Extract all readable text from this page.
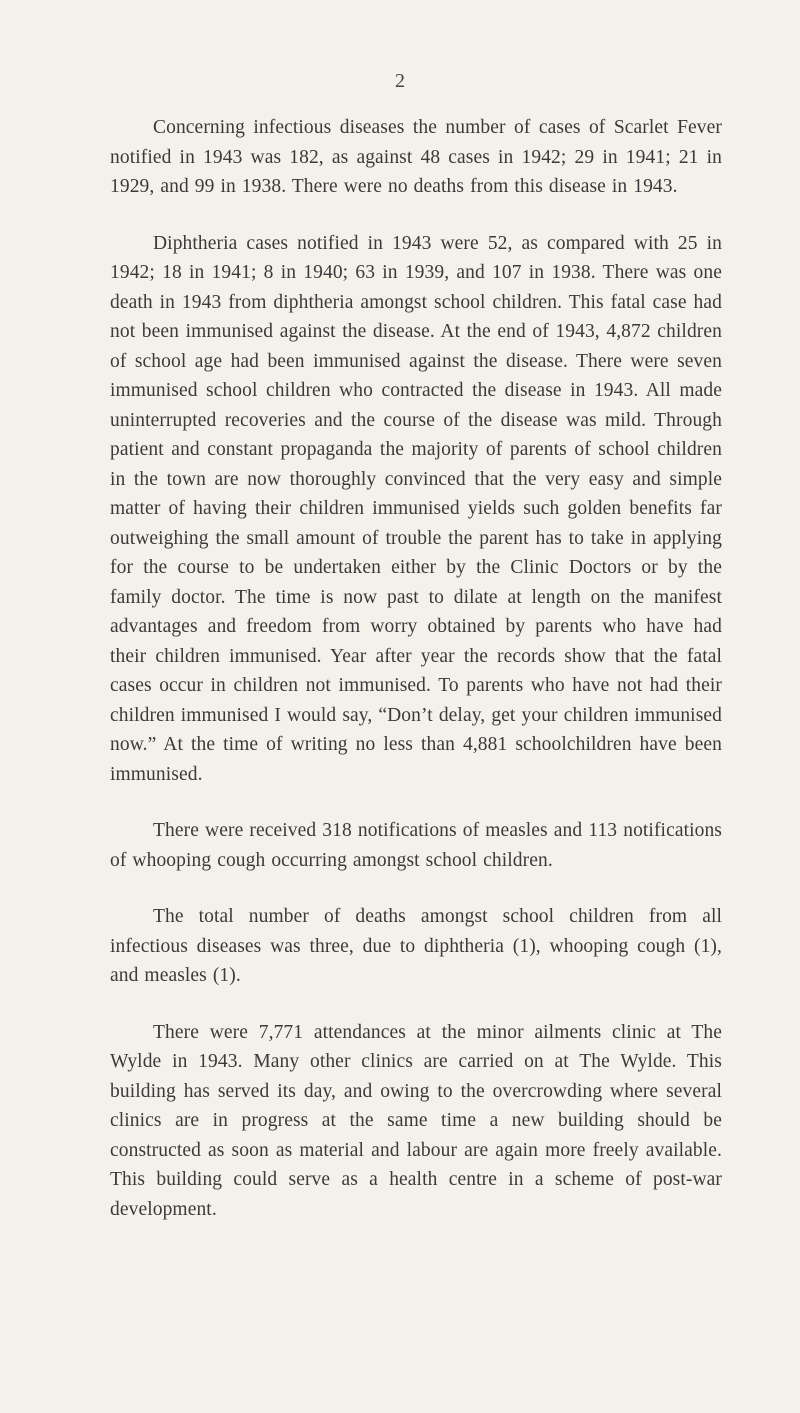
2

Concerning infectious diseases the number of cases of Scarlet Fever notified in 1943 was 182, as against 48 cases in 1942; 29 in 1941; 21 in 1929, and 99 in 1938. There were no deaths from this disease in 1943.

Diphtheria cases notified in 1943 were 52, as compared with 25 in 1942; 18 in 1941; 8 in 1940; 63 in 1939, and 107 in 1938. There was one death in 1943 from diphtheria amongst school children. This fatal case had not been immunised against the disease. At the end of 1943, 4,872 children of school age had been immunised against the disease. There were seven immunised school children who contracted the disease in 1943. All made uninterrupted recoveries and the course of the disease was mild. Through patient and constant propaganda the majority of parents of school children in the town are now thoroughly convinced that the very easy and simple matter of having their children immunised yields such golden benefits far outweighing the small amount of trouble the parent has to take in applying for the course to be undertaken either by the Clinic Doctors or by the family doctor. The time is now past to dilate at length on the manifest advantages and freedom from worry obtained by parents who have had their children immunised. Year after year the records show that the fatal cases occur in children not immunised. To parents who have not had their children immunised I would say, “Don’t delay, get your children immunised now.” At the time of writing no less than 4,881 schoolchildren have been immunised.

There were received 318 notifications of measles and 113 notifications of whooping cough occurring amongst school children.

The total number of deaths amongst school children from all infectious diseases was three, due to diphtheria (1), whooping cough (1), and measles (1).

There were 7,771 attendances at the minor ailments clinic at The Wylde in 1943. Many other clinics are carried on at The Wylde. This building has served its day, and owing to the overcrowding where several clinics are in progress at the same time a new building should be constructed as soon as material and labour are again more freely available. This building could serve as a health centre in a scheme of post-war development.
